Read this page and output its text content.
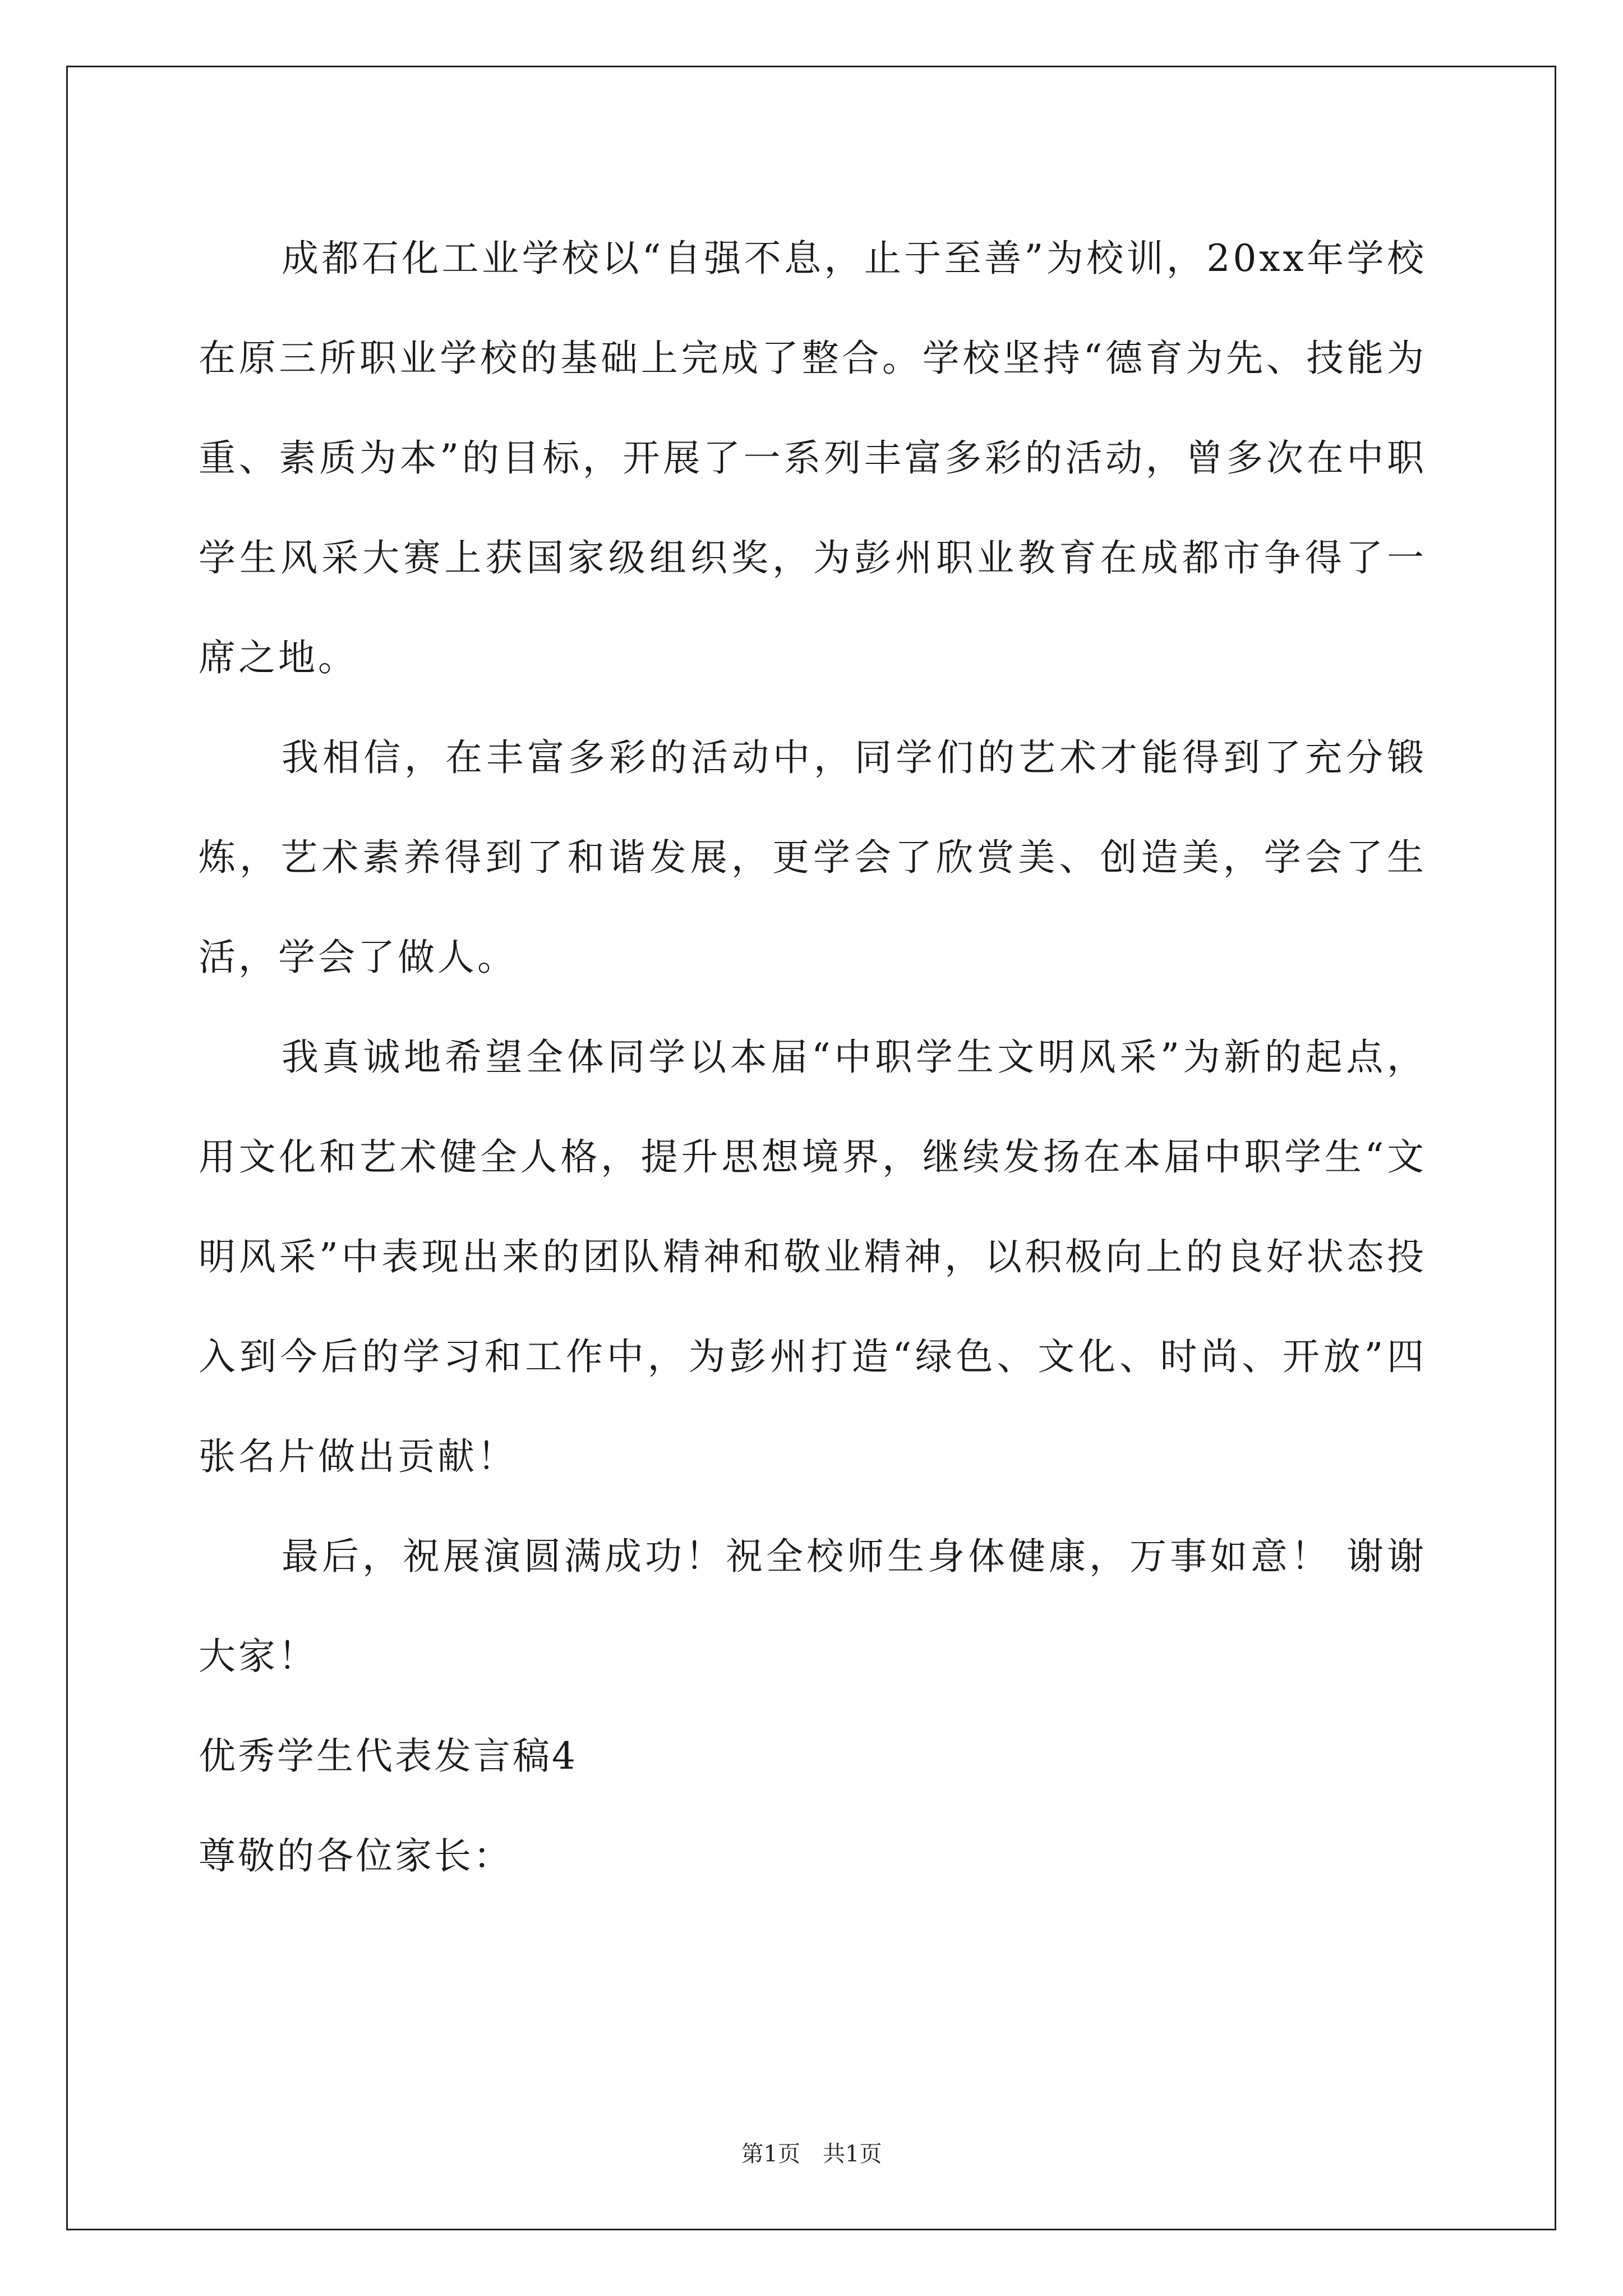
成都石化工业学校以“自强不息，止于至善”为校训，20xx年学校在原三所职业学校的基础上完成了整合。学校坚持“德育为先、技能为重、素质为本”的目标，开展了一系列丰富多彩的活动，曾多次在中职学生风采大赛上获国家级组织奖，为彭州职业教育在成都市争得了一席之地。

我相信，在丰富多彩的活动中，同学们的艺术才能得到了充分锻炼，艺术素养得到了和谐发展，更学会了欣赏美、创造美，学会了生活，学会了做人。

我真诚地希望全体同学以本届“中职学生文明风采”为新的起点，用文化和艺术健全人格，提升思想境界，继续发扬在本届中职学生“文明风采”中表现出来的团队精神和敬业精神，以积极向上的良好状态投入到今后的学习和工作中，为彭州打造“绿色、文化、时尚、开放”四张名片做出贡献！

最后，祝展演圆满成功！祝全校师生身体健康，万事如意！ 谢谢大家！

优秀学生代表发言稿4

尊敬的各位家长：

第1页　共1页
